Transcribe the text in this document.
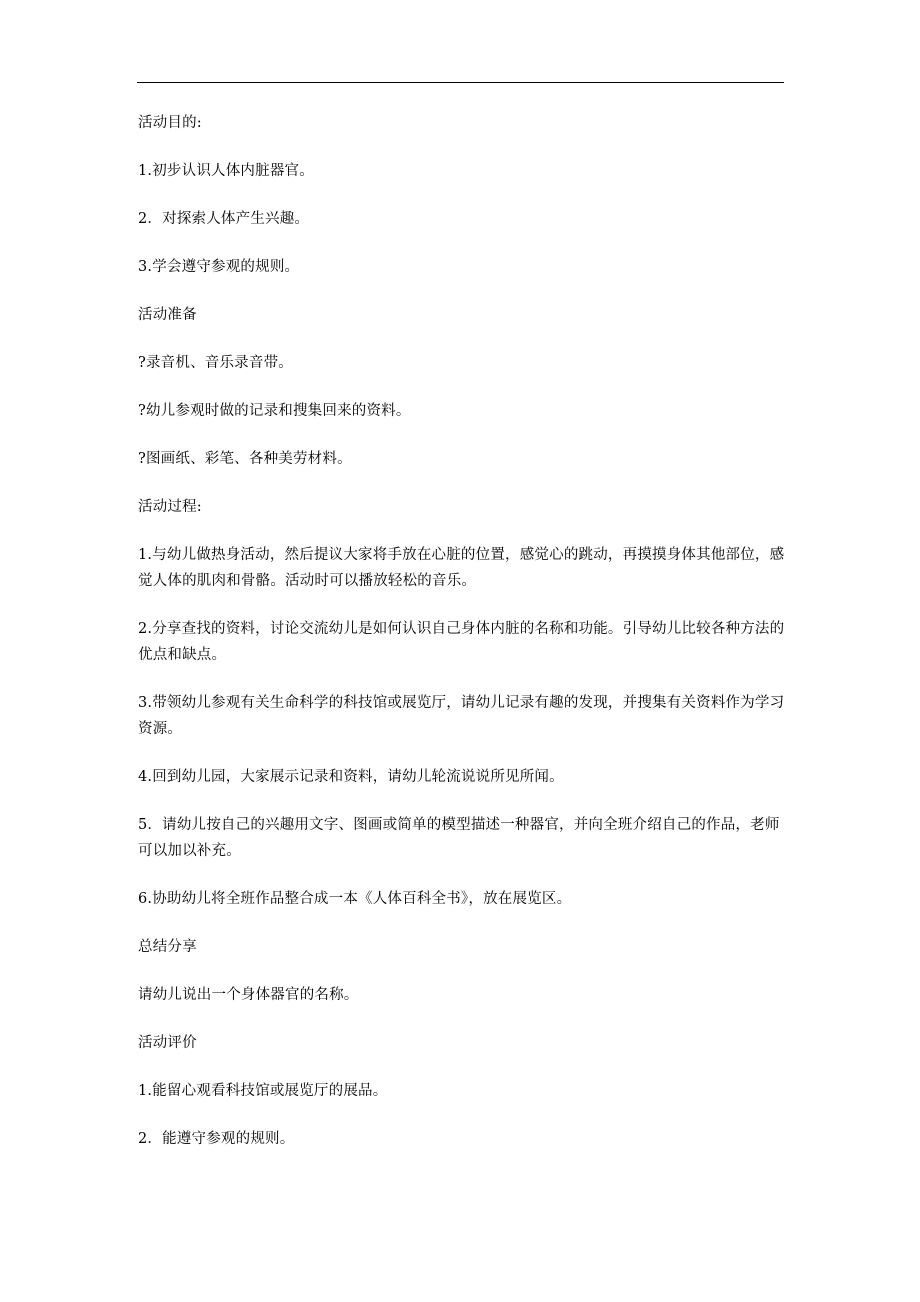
活动目的:

1.初步认识人体内脏器官。

2．对探索人体产生兴趣。

3.学会遵守参观的规则。

活动准备

?录音机、音乐录音带。

?幼儿参观时做的记录和搜集回来的资料。

?图画纸、彩笔、各种美劳材料。

活动过程:

1.与幼儿做热身活动，然后提议大家将手放在心脏的位置，感觉心的跳动，再摸摸身体其他部位，感觉人体的肌肉和骨骼。活动时可以播放轻松的音乐。

2.分享查找的资料，讨论交流幼儿是如何认识自己身体内脏的名称和功能。引导幼儿比较各种方法的优点和缺点。

3.带领幼儿参观有关生命科学的科技馆或展览厅，请幼儿记录有趣的发现，并搜集有关资料作为学习资源。

4.回到幼儿园，大家展示记录和资料，请幼儿轮流说说所见所闻。

5．请幼儿按自己的兴趣用文字、图画或简单的模型描述一种器官，并向全班介绍自己的作品，老师可以加以补充。

6.协助幼儿将全班作品整合成一本《人体百科全书》，放在展览区。

总结分享

请幼儿说出一个身体器官的名称。

活动评价

1.能留心观看科技馆或展览厅的展品。

2．能遵守参观的规则。
